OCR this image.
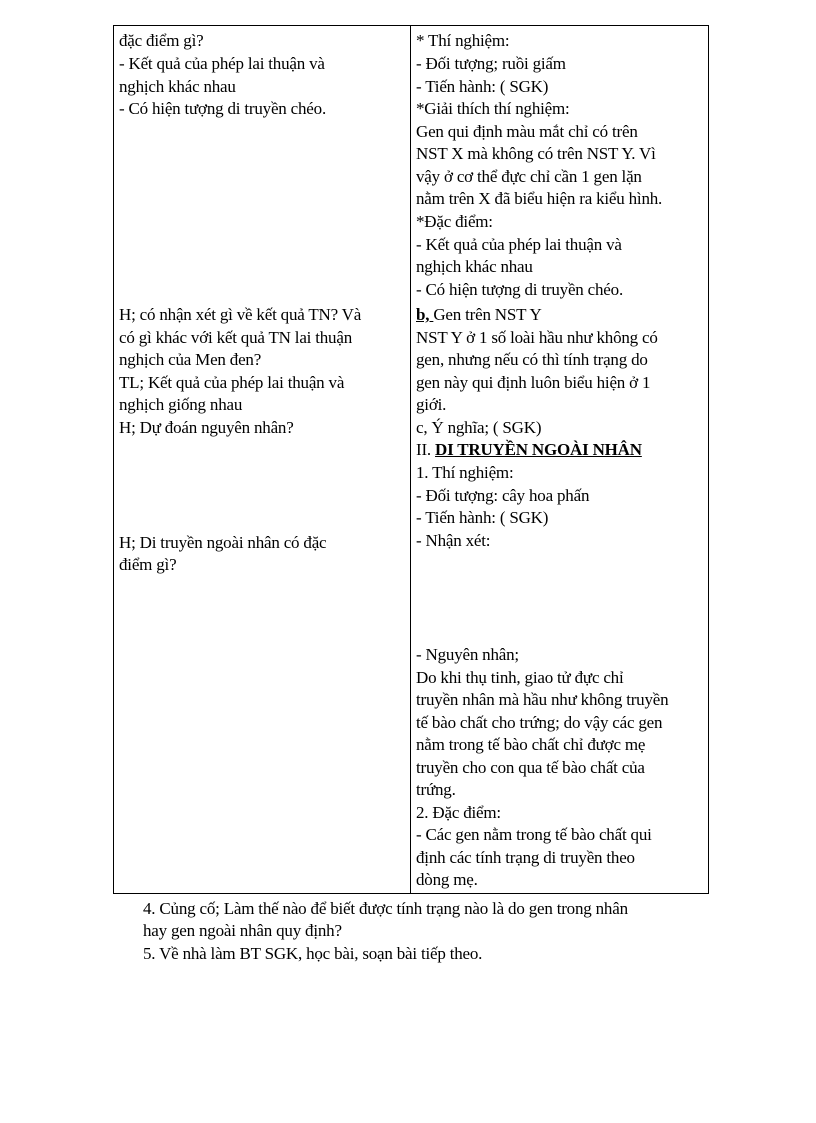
đặc điểm gì?
- Kết quả của phép lai thuận và
nghịch khác nhau
- Có hiện tượng di truyền chéo.
H; có nhận xét gì về kết quả TN? Và
có gì khác với kết quả TN lai thuận
nghịch của Men đen?
TL; Kết quả của phép lai thuận và
nghịch giống nhau
H; Dự đoán nguyên nhân?
H; Di truyền ngoài nhân có đặc
điểm gì?
b, Gen trên NST Y
II. DI TRUYỀN NGOÀI NHÂN
* Thí nghiệm:
- Đối tượng; ruồi giấm
- Tiến hành: ( SGK)
*Giải thích thí nghiệm:
Gen qui định màu mắt chỉ có trên
NST X mà không có trên NST Y. Vì
vậy ở cơ thể đực chỉ cần 1 gen lặn
nằm trên X đã biểu hiện ra kiểu hình.
*Đặc điểm:
- Kết quả của phép lai thuận và
nghịch khác nhau
- Có hiện tượng di truyền chéo.
NST Y ở 1 số loài hầu như không có
gen, nhưng nếu có thì tính trạng do
gen này qui định luôn biểu hiện ở 1
giới.
c, Ý nghĩa; ( SGK)
1. Thí nghiệm:
- Đối tượng: cây hoa phấn
- Tiến hành: ( SGK)
- Nhận xét:
- Nguyên nhân;
Do khi thụ tinh, giao tử đực chỉ
truyền nhân mà hầu như không truyền
tế bào chất cho trứng; do vậy các gen
nằm trong tế bào chất chỉ được mẹ
truyền cho con qua tế bào chất của
trứng.
2. Đặc điểm:
- Các gen nằm trong tế bào chất qui
định các tính trạng di truyền theo
dòng mẹ.
4. Củng cố; Làm thế nào để biết được tính trạng nào là do gen trong nhân
hay gen ngoài nhân quy định?
5. Về nhà làm BT SGK, học bài, soạn bài tiếp theo.
